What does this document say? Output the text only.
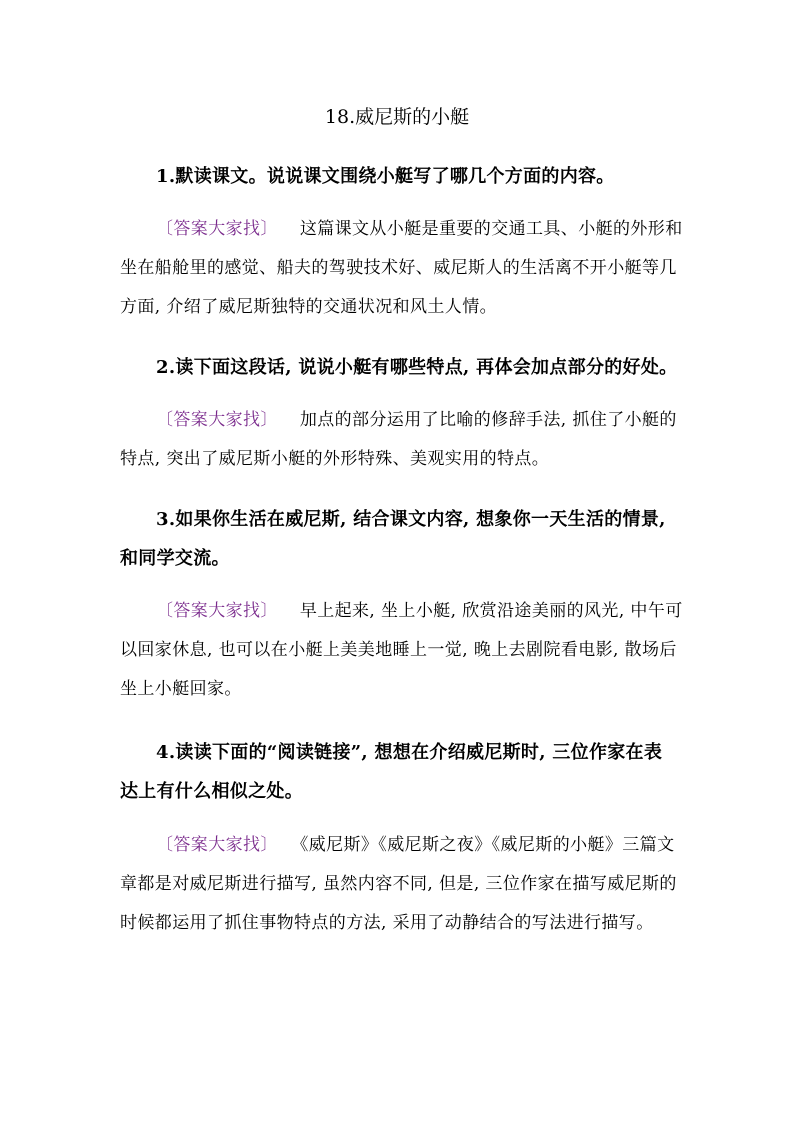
18.威尼斯的小艇

1.默读课文。说说课文围绕小艇写了哪几个方面的内容。

〔答案大家找〕 这篇课文从小艇是重要的交通工具、小艇的外形和坐在船舱里的感觉、船夫的驾驶技术好、威尼斯人的生活离不开小艇等几方面, 介绍了威尼斯独特的交通状况和风土人情。

2.读下面这段话, 说说小艇有哪些特点, 再体会加点部分的好处。

〔答案大家找〕 加点的部分运用了比喻的修辞手法, 抓住了小艇的特点, 突出了威尼斯小艇的外形特殊、美观实用的特点。

3.如果你生活在威尼斯, 结合课文内容, 想象你一天生活的情景, 和同学交流。

〔答案大家找〕 早上起来, 坐上小艇, 欣赏沿途美丽的风光, 中午可以回家休息, 也可以在小艇上美美地睡上一觉, 晚上去剧院看电影, 散场后坐上小艇回家。

4.读读下面的“阅读链接”, 想想在介绍威尼斯时, 三位作家在表达上有什么相似之处。

〔答案大家找〕 《威尼斯》《威尼斯之夜》《威尼斯的小艇》三篇文章都是对威尼斯进行描写, 虽然内容不同, 但是, 三位作家在描写威尼斯的时候都运用了抓住事物特点的方法, 采用了动静结合的写法进行描写。
